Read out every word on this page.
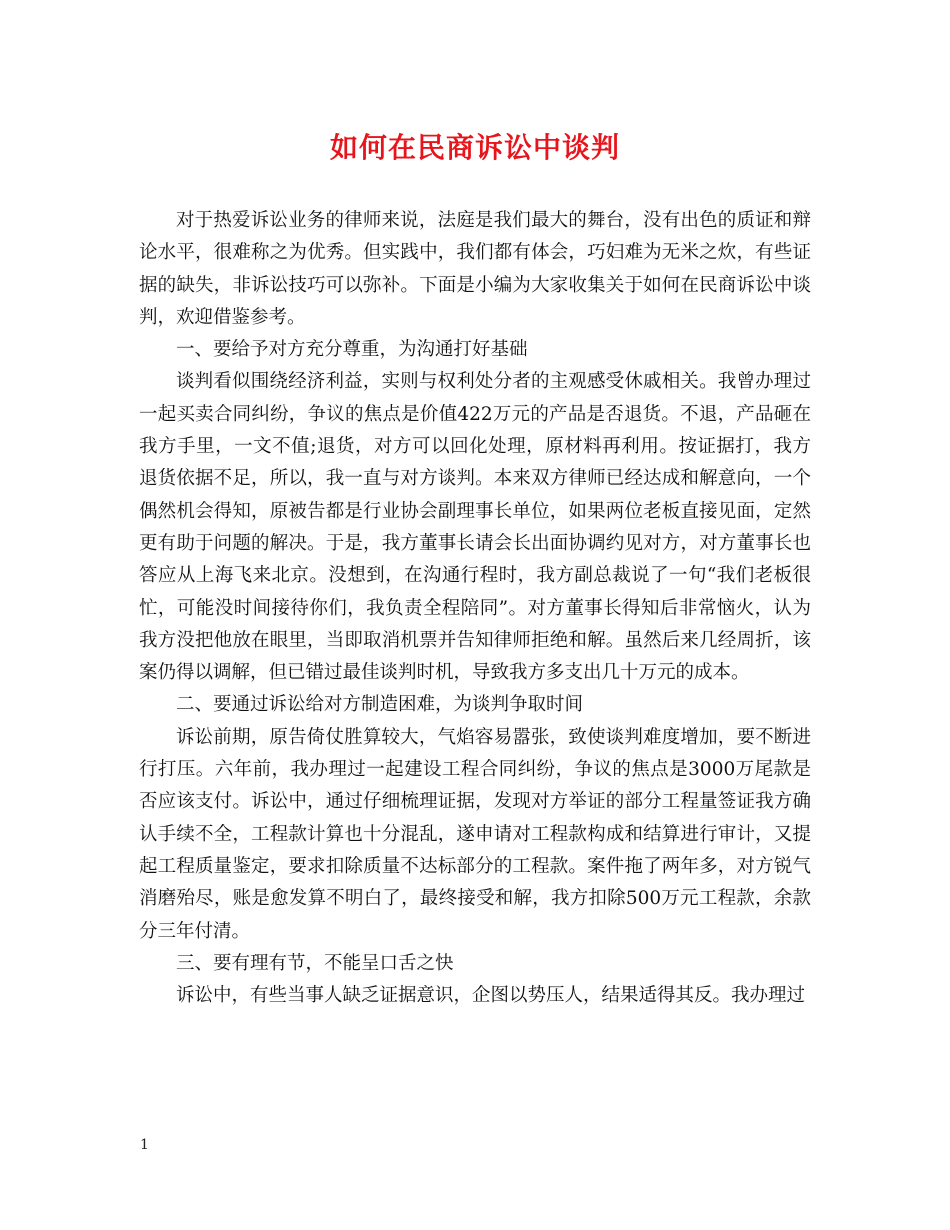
如何在民商诉讼中谈判

对于热爱诉讼业务的律师来说，法庭是我们最大的舞台，没有出色的质证和辩论水平，很难称之为优秀。但实践中，我们都有体会，巧妇难为无米之炊，有些证据的缺失，非诉讼技巧可以弥补。下面是小编为大家收集关于如何在民商诉讼中谈判，欢迎借鉴参考。

一、要给予对方充分尊重，为沟通打好基础

谈判看似围绕经济利益，实则与权利处分者的主观感受休戚相关。我曾办理过一起买卖合同纠纷，争议的焦点是价值422万元的产品是否退货。不退，产品砸在我方手里，一文不值;退货，对方可以回化处理，原材料再利用。按证据打，我方退货依据不足，所以，我一直与对方谈判。本来双方律师已经达成和解意向，一个偶然机会得知，原被告都是行业协会副理事长单位，如果两位老板直接见面，定然更有助于问题的解决。于是，我方董事长请会长出面协调约见对方，对方董事长也答应从上海飞来北京。没想到，在沟通行程时，我方副总裁说了一句“我们老板很忙，可能没时间接待你们，我负责全程陪同”。对方董事长得知后非常恼火，认为我方没把他放在眼里，当即取消机票并告知律师拒绝和解。虽然后来几经周折，该案仍得以调解，但已错过最佳谈判时机，导致我方多支出几十万元的成本。

二、要通过诉讼给对方制造困难，为谈判争取时间

诉讼前期，原告倚仗胜算较大，气焰容易嚣张，致使谈判难度增加，要不断进行打压。六年前，我办理过一起建设工程合同纠纷，争议的焦点是3000万尾款是否应该支付。诉讼中，通过仔细梳理证据，发现对方举证的部分工程量签证我方确认手续不全，工程款计算也十分混乱，遂申请对工程款构成和结算进行审计，又提起工程质量鉴定，要求扣除质量不达标部分的工程款。案件拖了两年多，对方锐气消磨殆尽，账是愈发算不明白了，最终接受和解，我方扣除500万元工程款，余款分三年付清。

三、要有理有节，不能呈口舌之快

诉讼中，有些当事人缺乏证据意识，企图以势压人，结果适得其反。我办理过

1
